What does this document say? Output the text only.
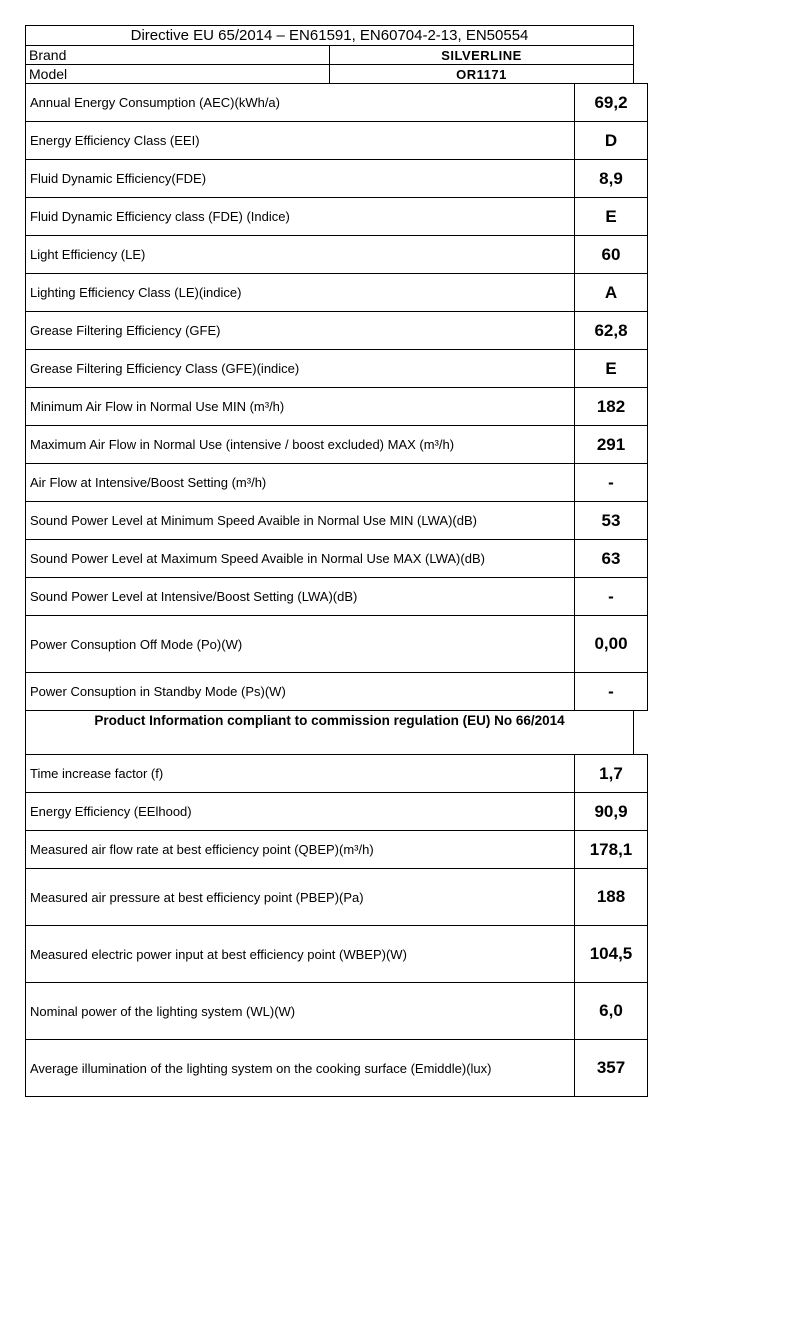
Directive EU 65/2014 – EN61591, EN60704-2-13, EN50554	
Brand	SILVERLINE
Model	OR1171
Annual Energy Consumption (AEC)(kWh/a)	69,2
Energy Efficiency Class (EEI)	D
Fluid Dynamic Efficiency(FDE)	8,9
Fluid Dynamic Efficiency class (FDE) (Indice)	E
Light Efficiency (LE)	60
Lighting Efficiency Class (LE)(indice)	A
Grease Filtering Efficiency (GFE)	62,8
Grease Filtering Efficiency Class (GFE)(indice)	E
Minimum Air Flow in Normal Use MIN (m³/h)	182
Maximum Air Flow in Normal Use (intensive / boost excluded) MAX (m³/h)	291
Air Flow at Intensive/Boost Setting (m³/h)	-
Sound Power Level at Minimum Speed Avaible in Normal Use MIN (LWA)(dB)	53
Sound Power Level at Maximum Speed Avaible in Normal Use MAX (LWA)(dB)	63
Sound Power Level at Intensive/Boost Setting (LWA)(dB)	-
Power Consuption Off Mode (Po)(W)	0,00
Power Consuption in Standby Mode (Ps)(W)	-
Product Information compliant to commission regulation (EU) No 66/2014
Time increase factor (f)	1,7
Energy Efficiency (EElhood)	90,9
Measured air flow rate at best efficiency point (QBEP)(m³/h)	178,1
Measured air pressure at best efficiency point (PBEP)(Pa)	188
Measured electric power input at best efficiency point (WBEP)(W)	104,5
Nominal power of the lighting system (WL)(W)	6,0
Average illumination of the lighting system on the cooking surface (Emiddle)(lux)	357
